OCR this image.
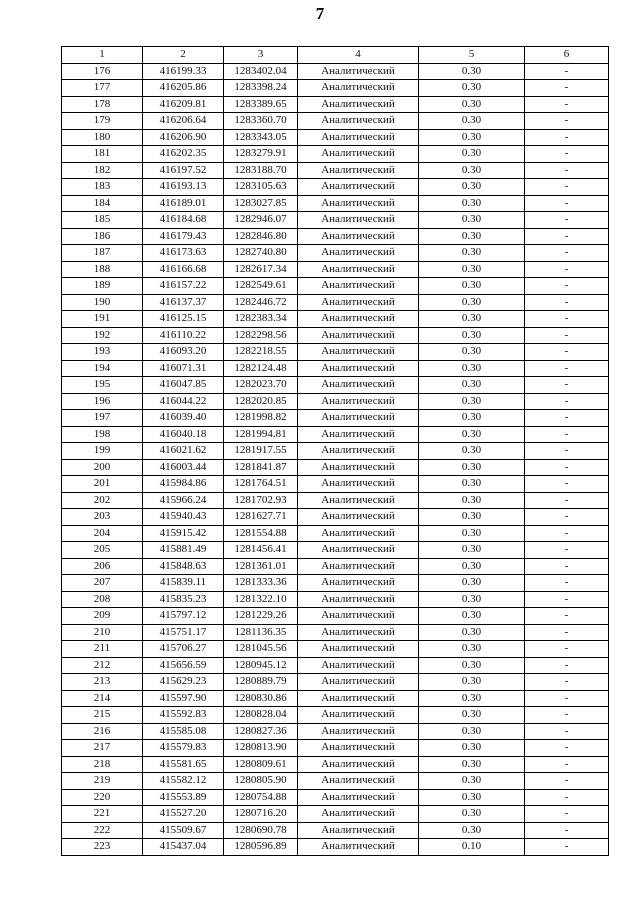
7
1	2	3	4	5	6
176	416199.33	1283402.04	Аналитический	0.30	-
177	416205.86	1283398.24	Аналитический	0.30	-
178	416209.81	1283389.65	Аналитический	0.30	-
179	416206.64	1283360.70	Аналитический	0.30	-
180	416206.90	1283343.05	Аналитический	0.30	-
181	416202.35	1283279.91	Аналитический	0.30	-
182	416197.52	1283188.70	Аналитический	0.30	-
183	416193.13	1283105.63	Аналитический	0.30	-
184	416189.01	1283027.85	Аналитический	0.30	-
185	416184.68	1282946.07	Аналитический	0.30	-
186	416179.43	1282846.80	Аналитический	0.30	-
187	416173.63	1282740.80	Аналитический	0.30	-
188	416166.68	1282617.34	Аналитический	0.30	-
189	416157.22	1282549.61	Аналитический	0.30	-
190	416137.37	1282446.72	Аналитический	0.30	-
191	416125.15	1282383.34	Аналитический	0.30	-
192	416110.22	1282298.56	Аналитический	0.30	-
193	416093.20	1282218.55	Аналитический	0.30	-
194	416071.31	1282124.48	Аналитический	0.30	-
195	416047.85	1282023.70	Аналитический	0.30	-
196	416044.22	1282020.85	Аналитический	0.30	-
197	416039.40	1281998.82	Аналитический	0.30	-
198	416040.18	1281994.81	Аналитический	0.30	-
199	416021.62	1281917.55	Аналитический	0.30	-
200	416003.44	1281841.87	Аналитический	0.30	-
201	415984.86	1281764.51	Аналитический	0.30	-
202	415966.24	1281702.93	Аналитический	0.30	-
203	415940.43	1281627.71	Аналитический	0.30	-
204	415915.42	1281554.88	Аналитический	0.30	-
205	415881.49	1281456.41	Аналитический	0.30	-
206	415848.63	1281361.01	Аналитический	0.30	-
207	415839.11	1281333.36	Аналитический	0.30	-
208	415835.23	1281322.10	Аналитический	0.30	-
209	415797.12	1281229.26	Аналитический	0.30	-
210	415751.17	1281136.35	Аналитический	0.30	-
211	415706.27	1281045.56	Аналитический	0.30	-
212	415656.59	1280945.12	Аналитический	0.30	-
213	415629.23	1280889.79	Аналитический	0.30	-
214	415597.90	1280830.86	Аналитический	0.30	-
215	415592.83	1280828.04	Аналитический	0.30	-
216	415585.08	1280827.36	Аналитический	0.30	-
217	415579.83	1280813.90	Аналитический	0.30	-
218	415581.65	1280809.61	Аналитический	0.30	-
219	415582.12	1280805.90	Аналитический	0.30	-
220	415553.89	1280754.88	Аналитический	0.30	-
221	415527.20	1280716.20	Аналитический	0.30	-
222	415509.67	1280690.78	Аналитический	0.30	-
223	415437.04	1280596.89	Аналитический	0.10	-
